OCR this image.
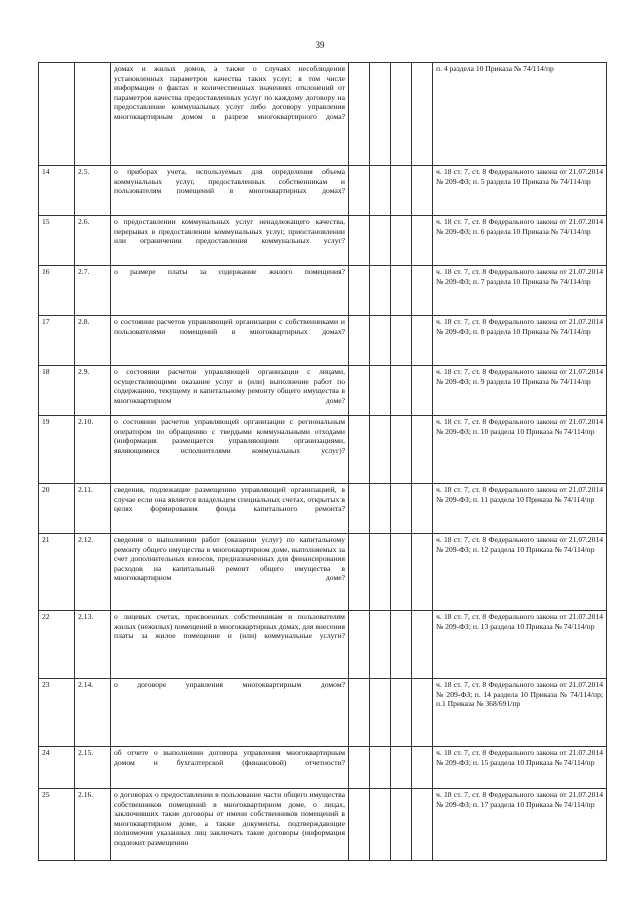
39
		домах и жилых домов, а также о случаях несоблюдения установленных параметров качества таких услуг, в том числе информация о фактах и количественных значениях отклонений от параметров качества предоставленных услуг по каждому договору на предоставление коммунальных услуг либо договору управления многоквартирным домом в разрезе многоквартирного дома?					п. 4 раздела 10 Приказа № 74/114/пр
14	2.5.	о приборах учета, используемых для определения объема коммунальных услуг, предоставленных собственникам и пользователям помещений в многоквартирных домах?					ч. 18 ст. 7, ст. 8 Федерального закона от 21.07.2014 № 209-ФЗ; п. 5 раздела 10 Приказа № 74/114/пр
15	2.6.	о предоставлении коммунальных услуг ненадлежащего качества, перерывах в предоставлении коммунальных услуг, приостановлении или ограничении предоставления коммунальных услуг?					ч. 18 ст. 7, ст. 8 Федерального закона от 21.07.2014 № 209-ФЗ; п. 6 раздела 10 Приказа № 74/114/пр
16	2.7.	о размере платы за содержание жилого помещения?					ч. 18 ст. 7, ст. 8 Федерального закона от 21.07.2014 № 209-ФЗ; п. 7 раздела 10 Приказа № 74/114/пр
17	2.8.	о состоянии расчетов управляющей организации с собственниками и пользователями помещений в многоквартирных домах?					ч. 18 ст. 7, ст. 8 Федерального закона от 21.07.2014 № 209-ФЗ; п. 8 раздела 10 Приказа № 74/114/пр
18	2.9.	о состоянии расчетов управляющей организации с лицами, осуществляющими оказание услуг и (или) выполнение работ по содержанию, текущему и капитальному ремонту общего имущества в многоквартирном доме?					ч. 18 ст. 7, ст. 8 Федерального закона от 21.07.2014 № 209-ФЗ; п. 9 раздела 10 Приказа № 74/114/пр
19	2.10.	о состоянии расчетов управляющей организации с региональным оператором по обращению с твердыми коммунальными отходами (информация размещается управляющими организациями, являющимися исполнителями коммунальных услуг)?					ч. 18 ст. 7, ст. 8 Федерального закона от 21.07.2014 № 209-ФЗ; п. 10 раздела 10 Приказа № 74/114/пр
20	2.11.	сведения, подлежащие размещению управляющей организацией, в случае если она является владельцем специальных счетах, открытых в целях формирования фонда капитального ремонта?					ч. 18 ст. 7, ст. 8 Федерального закона от 21.07.2014 № 209-ФЗ; п. 11 раздела 10 Приказа № 74/114/пр
21	2.12.	сведения о выполнении работ (оказании услуг) по капитальному ремонту общего имущества в многоквартирном доме, выполняемых за счет дополнительных взносов, предназначенных для финансирования расходов на капитальный ремонт общего имущества в многоквартирном доме?					ч. 18 ст. 7, ст. 8 Федерального закона от 21.07.2014 № 209-ФЗ; п. 12 раздела 10 Приказа № 74/114/пр
22	2.13.	о лицевых счетах, присвоенных собственникам и пользователям жилых (нежилых) помещений в многоквартирных домах, для внесения платы за жилое помещение и (или) коммунальные услуги?					ч. 18 ст. 7, ст. 8 Федерального закона от 21.07.2014 № 209-ФЗ; п. 13 раздела 10 Приказа № 74/114/пр
23	2.14.	о договоре управления многоквартирным домом?					ч. 18 ст. 7, ст. 8 Федерального закона от 21.07.2014 № 209-ФЗ; п. 14 раздела 10 Приказа № 74/114/пр; п.1 Приказа № 368/691/пр
24	2.15.	об отчете о выполнении договора управления многоквартирным домом и бухгалтерской (финансовой) отчетности?					ч. 18 ст. 7, ст. 8 Федерального закона от 21.07.2014 № 209-ФЗ; п. 15 раздела 10 Приказа № 74/114/пр
25	2.16.	о договорах о предоставлении в пользование части общего имущества собственников помещений в многоквартирном доме, о лицах, заключивших такие договоры от имени собственников помещений в многоквартирном доме, а также документы, подтверждающие полномочия указанных лиц заключать такие договоры (информация подлежит размещению					ч. 18 ст. 7, ст. 8 Федерального закона от 21.07.2014 № 209-ФЗ; п. 17 раздела 10 Приказа № 74/114/пр
